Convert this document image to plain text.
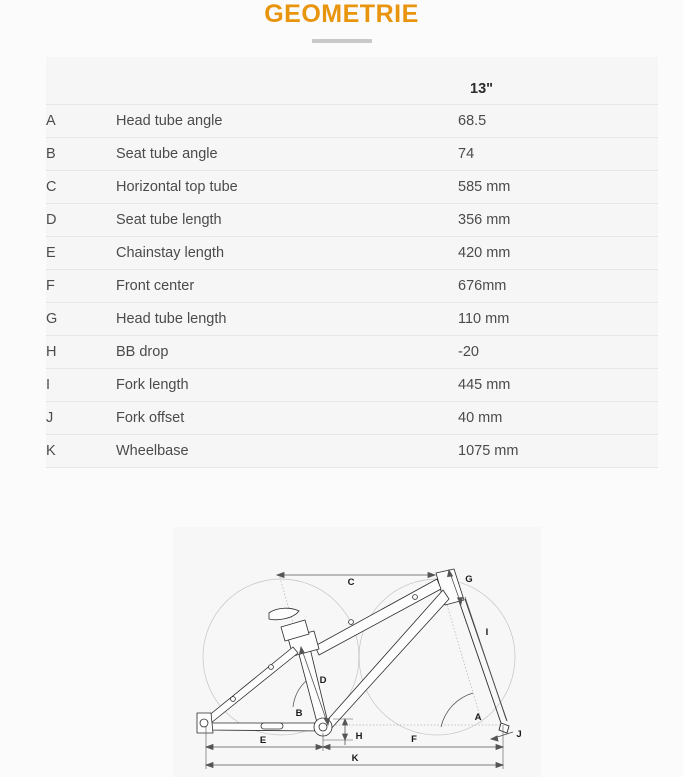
GEOMETRIE
		13"
A	Head tube angle	68.5
B	Seat tube angle	74
C	Horizontal top tube	585 mm
D	Seat tube length	356 mm
E	Chainstay length	420 mm
F	Front center	676mm
G	Head tube length	110 mm
H	BB drop	-20
I	Fork length	445 mm
J	Fork offset	40 mm
K	Wheelbase	1075 mm
C	G
I
D
B	A
H	F
E
K
J
